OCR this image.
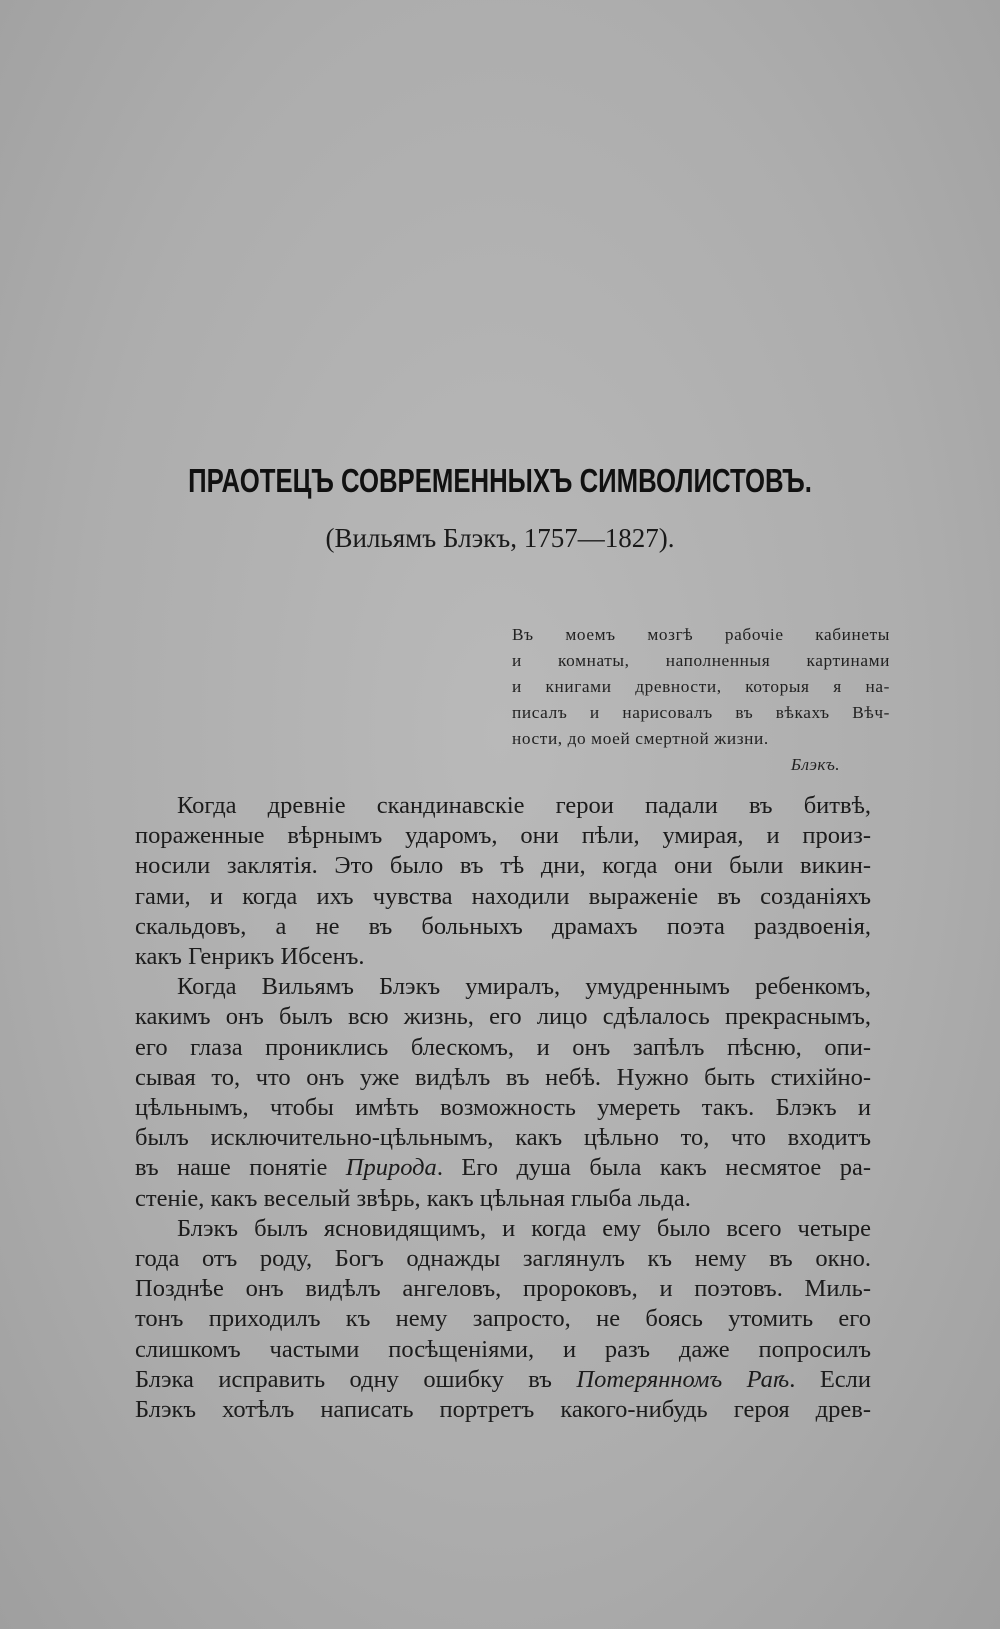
ПРАОТЕЦЪ СОВРЕМЕННЫХЪ СИМВОЛИСТОВЪ.
(Вильямъ Блэкъ, 1757—1827).
Въ моемъ мозгѣ рабочіе кабинеты
и комнаты, наполненныя картинами
и книгами древности, которыя я на-
писалъ и нарисовалъ въ вѣкахъ Вѣч-
ности, до моей смертной жизни.
Блэкъ.
Когда древніе скандинавскіе герои падали въ битвѣ,
пораженные вѣрнымъ ударомъ, они пѣли, умирая, и произ-
носили заклятія. Это было въ тѣ дни, когда они были викин-
гами, и когда ихъ чувства находили выраженіе въ созданіяхъ
скальдовъ, а не въ больныхъ драмахъ поэта раздвоенія,
какъ Генрикъ Ибсенъ.
Когда Вильямъ Блэкъ умиралъ, умудреннымъ ребенкомъ,
какимъ онъ былъ всю жизнь, его лицо сдѣлалось прекраснымъ,
его глаза прониклись блескомъ, и онъ запѣлъ пѣсню, опи-
сывая то, что онъ уже видѣлъ въ небѣ. Нужно быть стихійно-
цѣльнымъ, чтобы имѣть возможность умереть такъ. Блэкъ и
былъ исключительно-цѣльнымъ, какъ цѣльно то, что входитъ
въ наше понятіе Природа. Его душа была какъ несмятое ра-
стеніе, какъ веселый звѣрь, какъ цѣльная глыба льда.
Блэкъ былъ ясновидящимъ, и когда ему было всего четыре
года отъ роду, Богъ однажды заглянулъ къ нему въ окно.
Позднѣе онъ видѣлъ ангеловъ, пророковъ, и поэтовъ. Миль-
тонъ приходилъ къ нему запросто, не боясь утомить его
слишкомъ частыми посѣщеніями, и разъ даже попросилъ
Блэка исправить одну ошибку въ Потерянномъ Раѣ. Если
Блэкъ хотѣлъ написать портретъ какого-нибудь героя древ-
